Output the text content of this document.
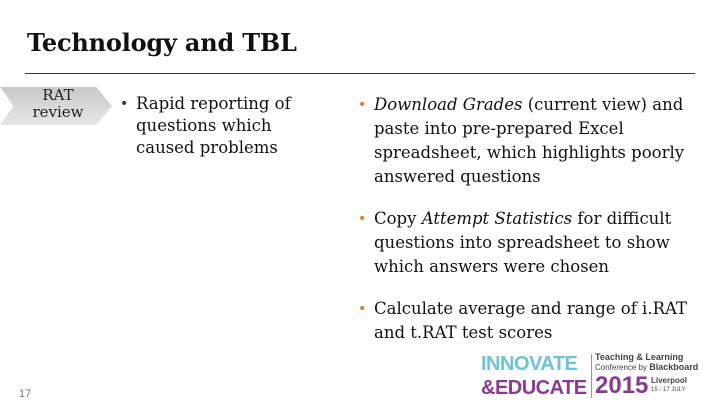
Technology and TBL
RAT
review	• Rapid reporting of questions which caused problems
• Download Grades (current view) and paste into pre-prepared Excel spreadsheet, which highlights poorly answered questions
• Copy Attempt Statistics for difficult questions into spreadsheet to show which answers were chosen
• Calculate average and range of i.RAT and t.RAT test scores
17
INNOVATE
&EDUCATE
Teaching & Learning
Conference by Blackboard
2015 Liverpool
15 - 17 JULY
